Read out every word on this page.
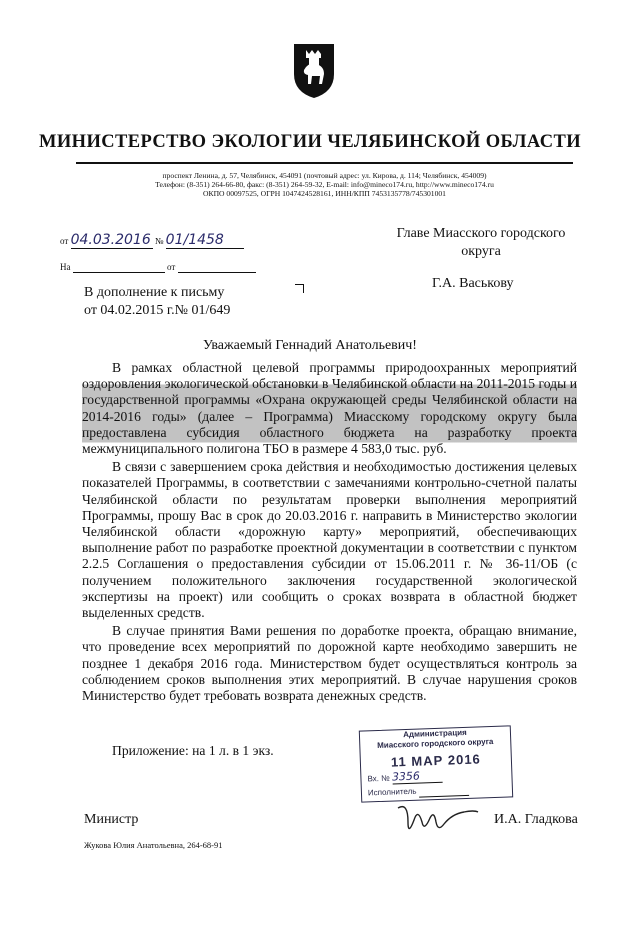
МИНИСТЕРСТВО ЭКОЛОГИИ ЧЕЛЯБИНСКОЙ ОБЛАСТИ
проспект Ленина, д. 57, Челябинск, 454091 (почтовый адрес: ул. Кирова, д. 114; Челябинск, 454009)
Телефон: (8-351) 264-66-80, факс: (8-351) 264-59-32, E-mail: info@mineco174.ru, http://www.mineco174.ru
ОКПО 00097525, ОГРН 1047424528161, ИНН/КПП 7453135778/745301001
от 04.03.2016 № 01/1458
На	от
Главе Миасского городского
округа
Г.А. Васькову
В дополнение к письму
от 04.02.2015 г.№ 01/649
Уважаемый Геннадий Анатольевич!

В рамках областной целевой программы природоохранных мероприятий оздоровления экологической обстановки в Челябинской области на 2011-2015 годы и государственной программы «Охрана окружающей среды Челябинской области на 2014-2016 годы» (далее – Программа) Миасскому городскому округу была предоставлена субсидия областного бюджета на разработку проекта межмуниципального полигона ТБО в размере 4 583,0 тыс. руб.

В связи с завершением срока действия и необходимостью достижения целевых показателей Программы, в соответствии с замечаниями контрольно-счетной палаты Челябинской области по результатам проверки выполнения мероприятий Программы, прошу Вас в срок до 20.03.2016 г. направить в Министерство экологии Челябинской области «дорожную карту» мероприятий, обеспечивающих выполнение работ по разработке проектной документации в соответствии с пунктом 2.2.5 Соглашения о предоставления субсидии от 15.06.2011 г. № 36-11/ОБ (с получением положительного заключения государственной экологической экспертизы на проект) или сообщить о сроках возврата в областной бюджет выделенных средств.

В случае принятия Вами решения по доработке проекта, обращаю внимание, что проведение всех мероприятий по дорожной карте необходимо завершить не позднее 1 декабря 2016 года. Министерством будет осуществляться контроль за соблюдением сроков выполнения этих мероприятий. В случае нарушения сроков Министерство будет требовать возврата денежных средств.

Приложение: на 1 л. в 1 экз.
Администрация
Миасского городского округа
11 МАР 2016
Вх. № 3356
Исполнитель
Министр	И.А. Гладкова
Жукова Юлия Анатольевна, 264-68-91
